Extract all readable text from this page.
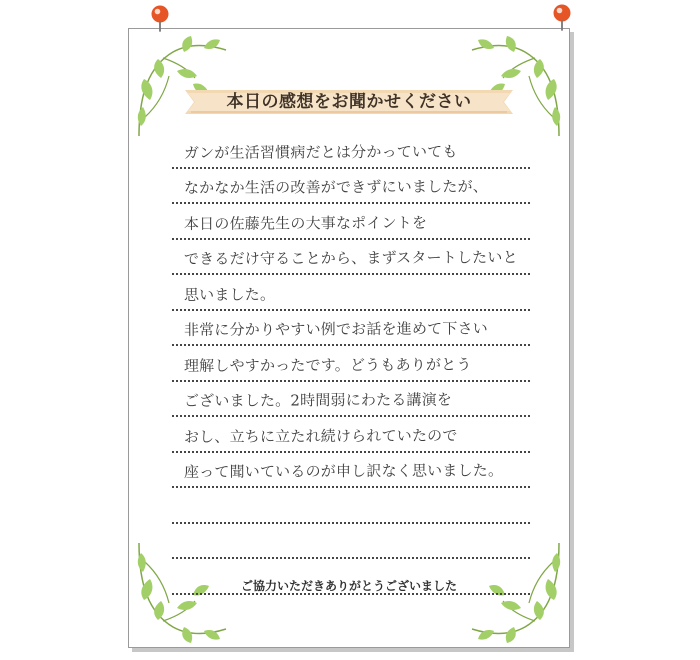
本日の感想をお聞かせください
ガンが生活習慣病だとは分かっていても
なかなか生活の改善ができずにいましたが、
本日の佐藤先生の大事なポイントを
できるだけ守ることから、まずスタートしたいと
思いました。
非常に分かりやすい例でお話を進めて下さい
理解しやすかったです。どうもありがとう
ございました。2時間弱にわたる講演を
おし、立ちに立たれ続けられていたので
座って聞いているのが申し訳なく思いました。
ご協力いただきありがとうございました
